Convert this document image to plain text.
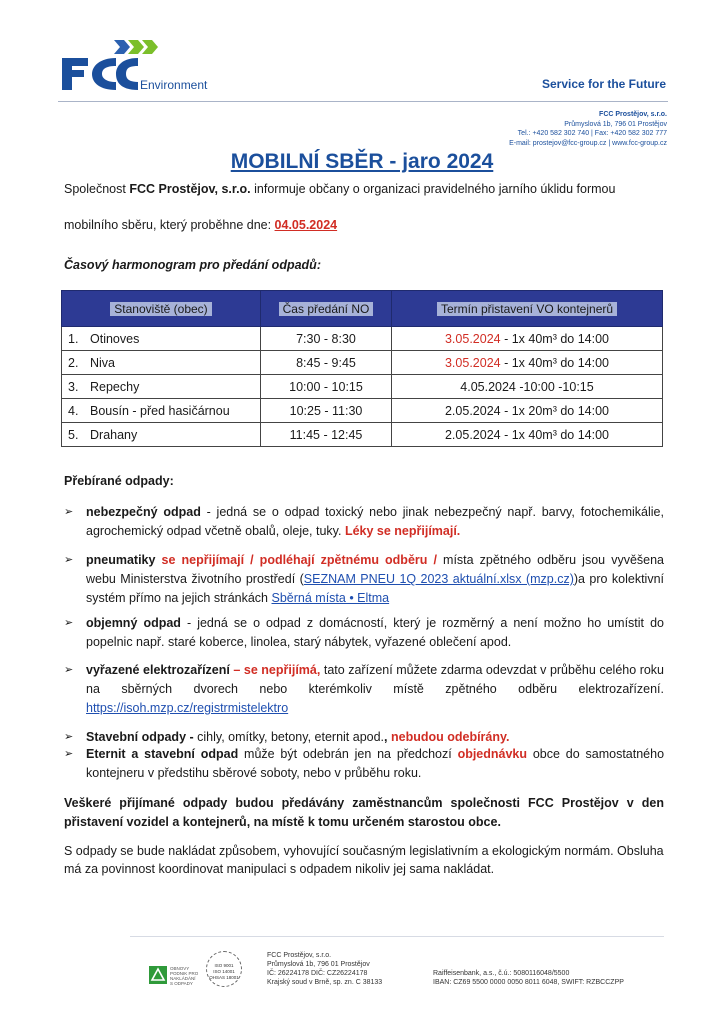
Environment	Service for the Future
FCC Prostějov, s.r.o.
Průmyslová 1b, 796 01 Prostějov
Tel.: +420 582 302 740 | Fax: +420 582 302 777
E-mail: prostejov@fcc-group.cz | www.fcc-group.cz
MOBILNÍ SBĚR - jaro 2024
Společnost FCC Prostějov, s.r.o. informuje občany o organizaci pravidelného jarního úklidu formou
mobilního sběru, který proběhne dne: 04.05.2024
Časový harmonogram pro předání odpadů:
Stanoviště (obec)	Čas předání NO	Termín přistavení VO kontejnerů
1. Otinoves	7:30 - 8:30	3.05.2024 - 1x 40m³ do 14:00
2. Niva	8:45 - 9:45	3.05.2024 - 1x 40m³ do 14:00
3. Repechy	10:00 - 10:15	4.05.2024 -10:00 -10:15
4. Bousín - před hasičárnou	10:25 - 11:30	2.05.2024 - 1x 20m³ do 14:00
5. Drahany	11:45 - 12:45	2.05.2024 - 1x 40m³ do 14:00
Přebírané odpady:
➢ nebezpečný odpad - jedná se o odpad toxický nebo jinak nebezpečný např. barvy, fotochemikálie, agrochemický odpad včetně obalů, oleje, tuky. Léky se nepřijímají.
➢ pneumatiky se nepřijímají / podléhají zpětnému odběru / místa zpětného odběru jsou vyvěšena webu Ministerstva životního prostředí (SEZNAM PNEU 1Q 2023 aktuální.xlsx (mzp.cz))a pro kolektivní systém přímo na jejich stránkách Sběrná místa • Eltma
➢ objemný odpad - jedná se o odpad z domácností, který je rozměrný a není možno ho umístit do popelnic např. staré koberce, linolea, starý nábytek, vyřazené oblečení apod.
➢ vyřazené elektrozařízení – se nepřijímá, tato zařízení můžete zdarma odevzdat v průběhu celého roku na sběrných dvorech nebo kterémkoliv místě zpětného odběru elektrozařízení. https://isoh.mzp.cz/registrmistelektro
➢ Stavební odpady - cihly, omítky, betony, eternit apod., nebudou odebírány.
➢ Eternit a stavební odpad může být odebrán jen na předchozí objednávku obce do samostatného kontejneru v předstihu sběrové soboty, nebo v průběhu roku.
Veškeré přijímané odpady budou předávány zaměstnancům společnosti FCC Prostějov v den přistavení vozidel a kontejnerů, na místě k tomu určeném starostou obce.
S odpady se bude nakládat způsobem, vyhovující současným legislativním a ekologickým normám. Obsluha má za povinnost koordinovat manipulaci s odpadem nikoliv jej sama nakládat.
OBNOVY
PODNIK PRO
NAKLÁDÁNÍ
S ODPADY
ISO 9001
ISO 14001
OHSAS 18001
FCC Prostějov, s.r.o.
Průmyslová 1b, 796 01 Prostějov
IČ: 26224178 DIČ: CZ26224178
Krajský soud v Brně, sp. zn. C 38133
Raiffeisenbank, a.s., č.ú.: 5080116048/5500
IBAN: CZ69 5500 0000 0050 8011 6048, SWIFT: RZBCCZPP
